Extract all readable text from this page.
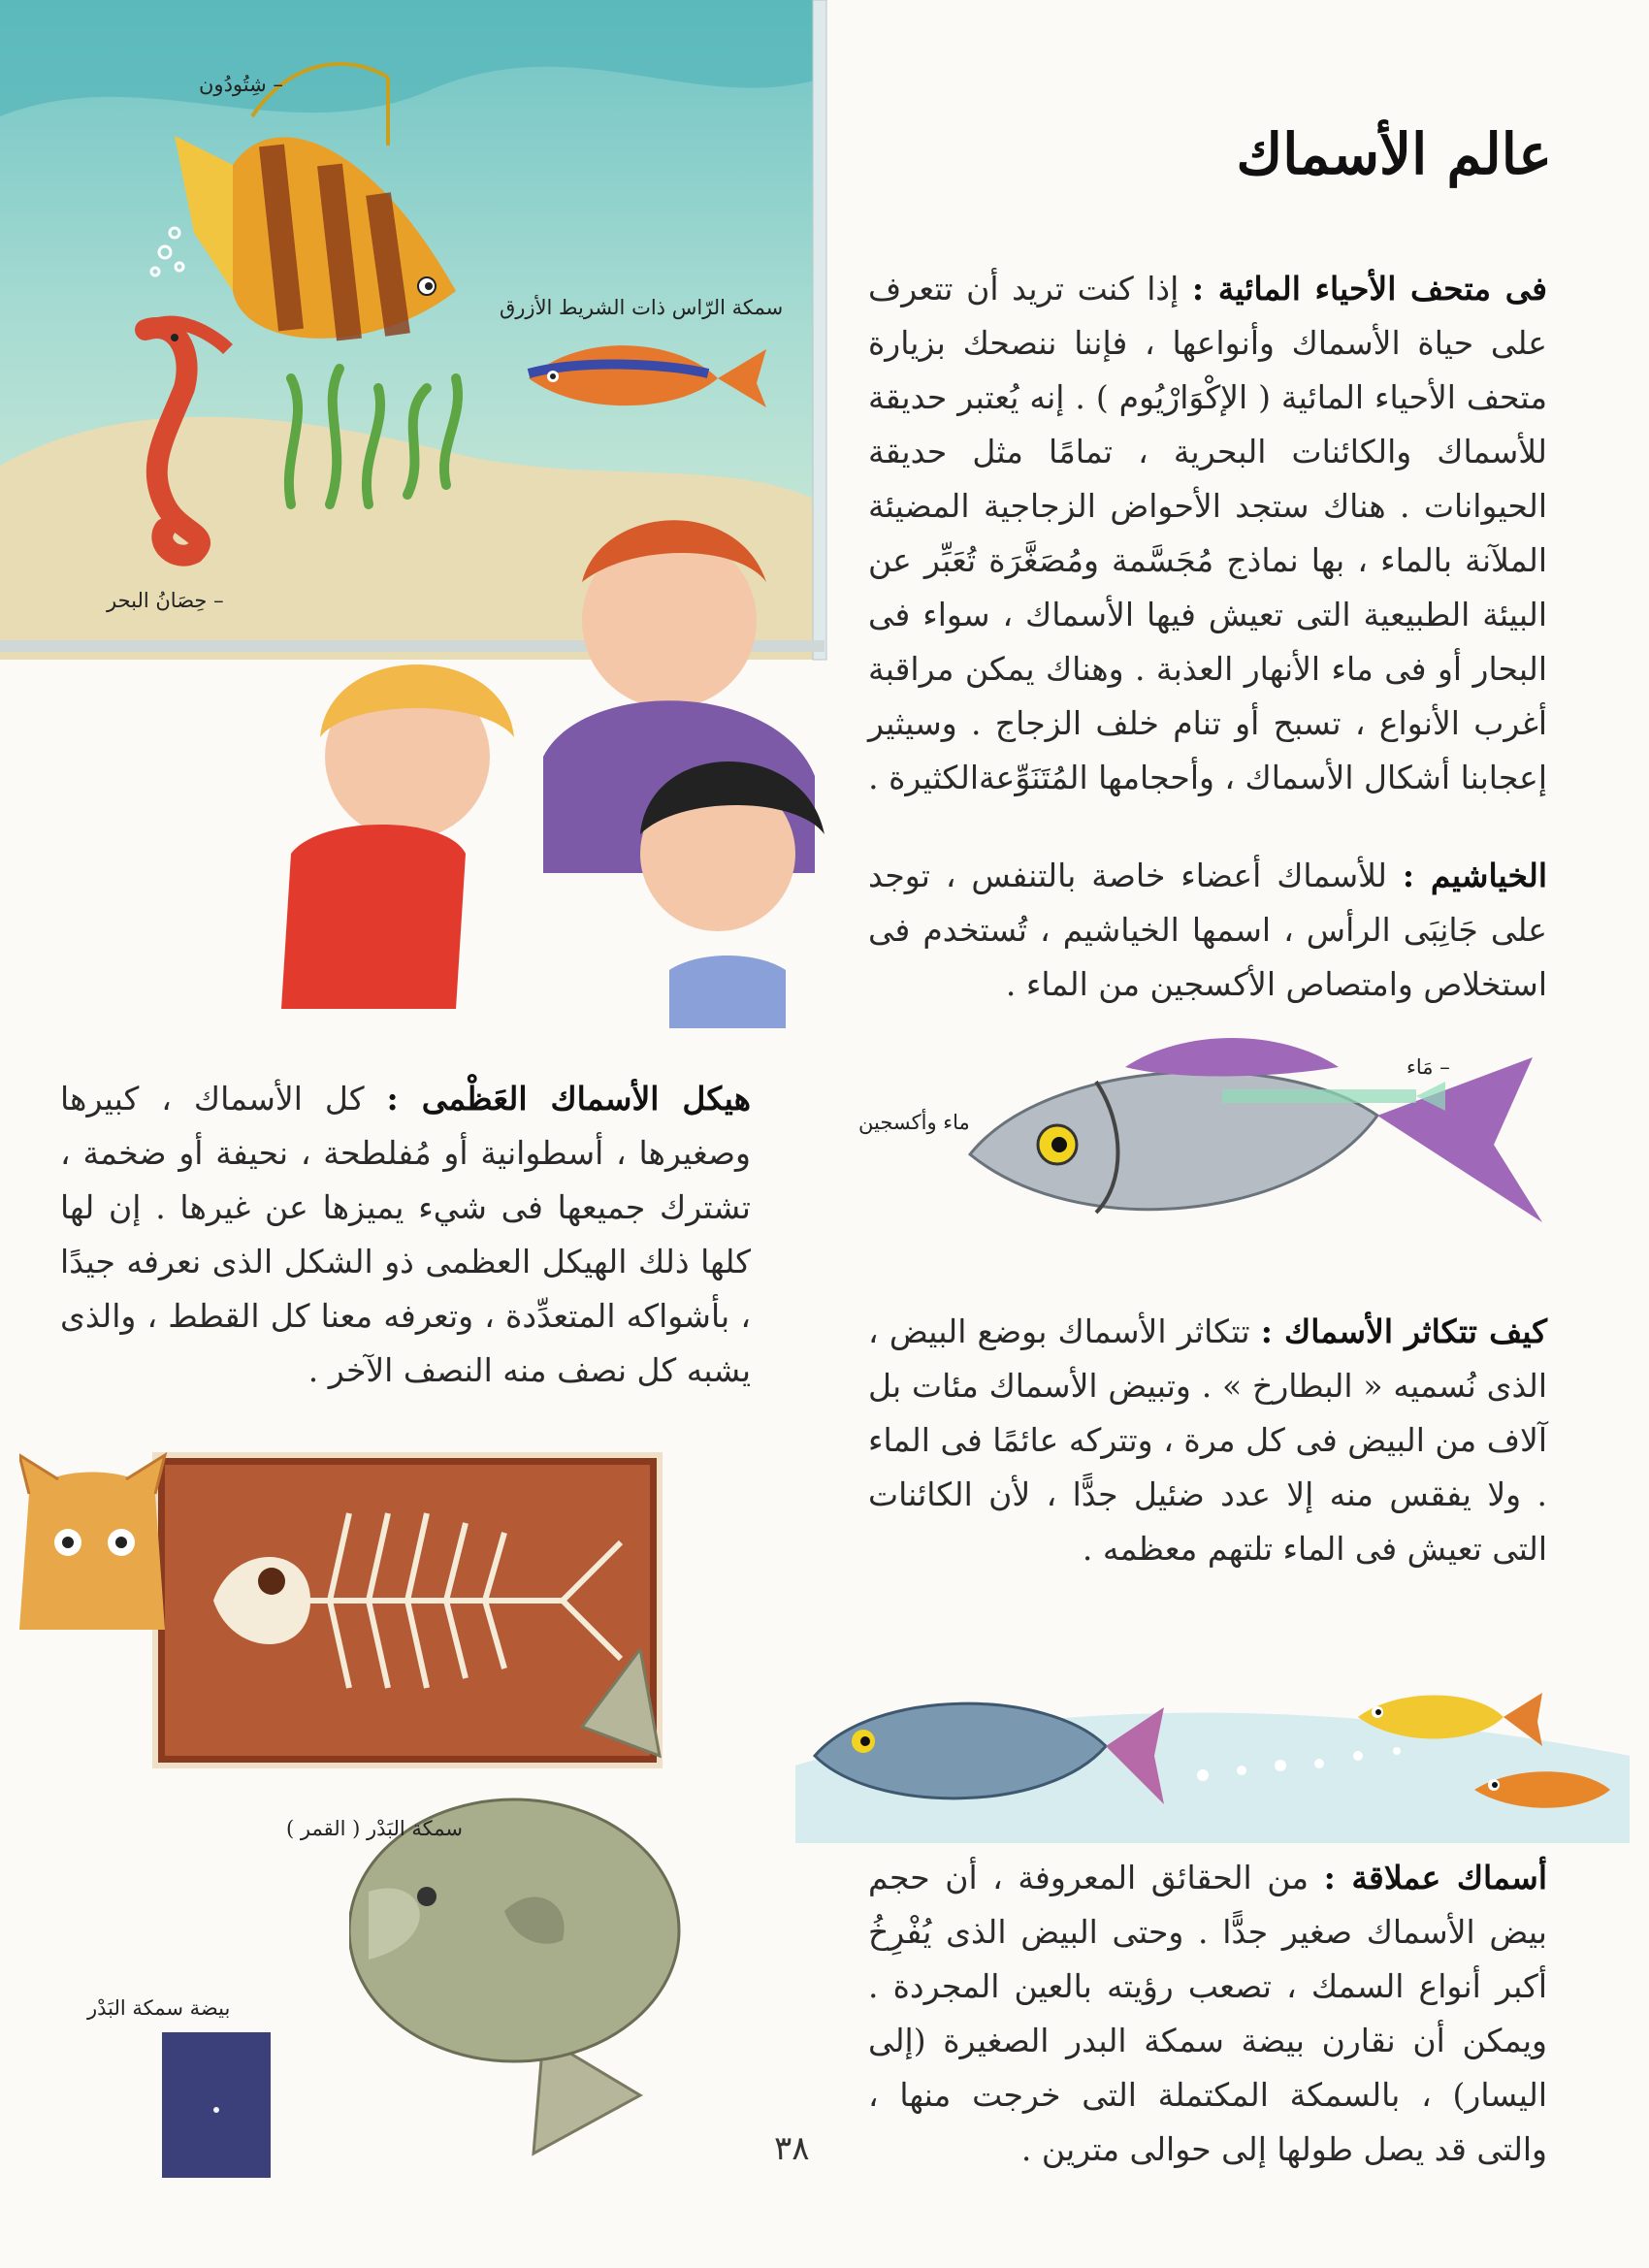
– شِتُودُون
سمكة الرّاس ذات الشريط الأزرق
– حِصَانُ البحر
– مَاء
ماء وأكسجين
سمكة البَدْر ( القمر )
بيضة سمكة البَدْر
عالم الأسماك
فى متحف الأحياء المائية : إذا كنت تريد أن تتعرف على حياة الأسماك وأنواعها ، فإننا ننصحك بزيارة متحف الأحياء المائية ( الإكْوَارْيُوم ) . إنه يُعتبر حديقة للأسماك والكائنات البحرية ، تمامًا مثل حديقة الحيوانات . هناك ستجد الأحواض الزجاجية المضيئة الملآنة بالماء ، بها نماذج مُجَسَّمة ومُصَغَّرَة تُعَبِّر عن البيئة الطبيعية التى تعيش فيها الأسماك ، سواء فى البحار أو فى ماء الأنهار العذبة . وهناك يمكن مراقبة أغرب الأنواع ، تسبح أو تنام خلف الزجاج . وسيثير إعجابنا أشكال الأسماك ، وأحجامها المُتَنَوِّعةالكثيرة .
الخياشيم : للأسماك أعضاء خاصة بالتنفس ، توجد على جَانِبَى الرأس ، اسمها الخياشيم ، تُستخدم فى استخلاص وامتصاص الأكسجين من الماء .
هيكل الأسماك العَظْمى : كل الأسماك ، كبيرها وصغيرها ، أسطوانية أو مُفلطحة ، نحيفة أو ضخمة ، تشترك جميعها فى شيء يميزها عن غيرها . إن لها كلها ذلك الهيكل العظمى ذو الشكل الذى نعرفه جيدًا ، بأشواكه المتعدِّدة ، وتعرفه معنا كل القطط ، والذى يشبه كل نصف منه النصف الآخر .
كيف تتكاثر الأسماك : تتكاثر الأسماك بوضع البيض ، الذى نُسميه « البطارخ » . وتبيض الأسماك مئات بل آلاف من البيض فى كل مرة ، وتتركه عائمًا فى الماء . ولا يفقس منه إلا عدد ضئيل جدًّا ، لأن الكائنات التى تعيش فى الماء تلتهم معظمه .
أسماك عملاقة : من الحقائق المعروفة ، أن حجم بيض الأسماك صغير جدًّا . وحتى البيض الذى يُفْرِخُ أكبر أنواع السمك ، تصعب رؤيته بالعين المجردة . ويمكن أن نقارن بيضة سمكة البدر الصغيرة (إلى اليسار) ، بالسمكة المكتملة التى خرجت منها ، والتى قد يصل طولها إلى حوالى مترين .
٣٨
